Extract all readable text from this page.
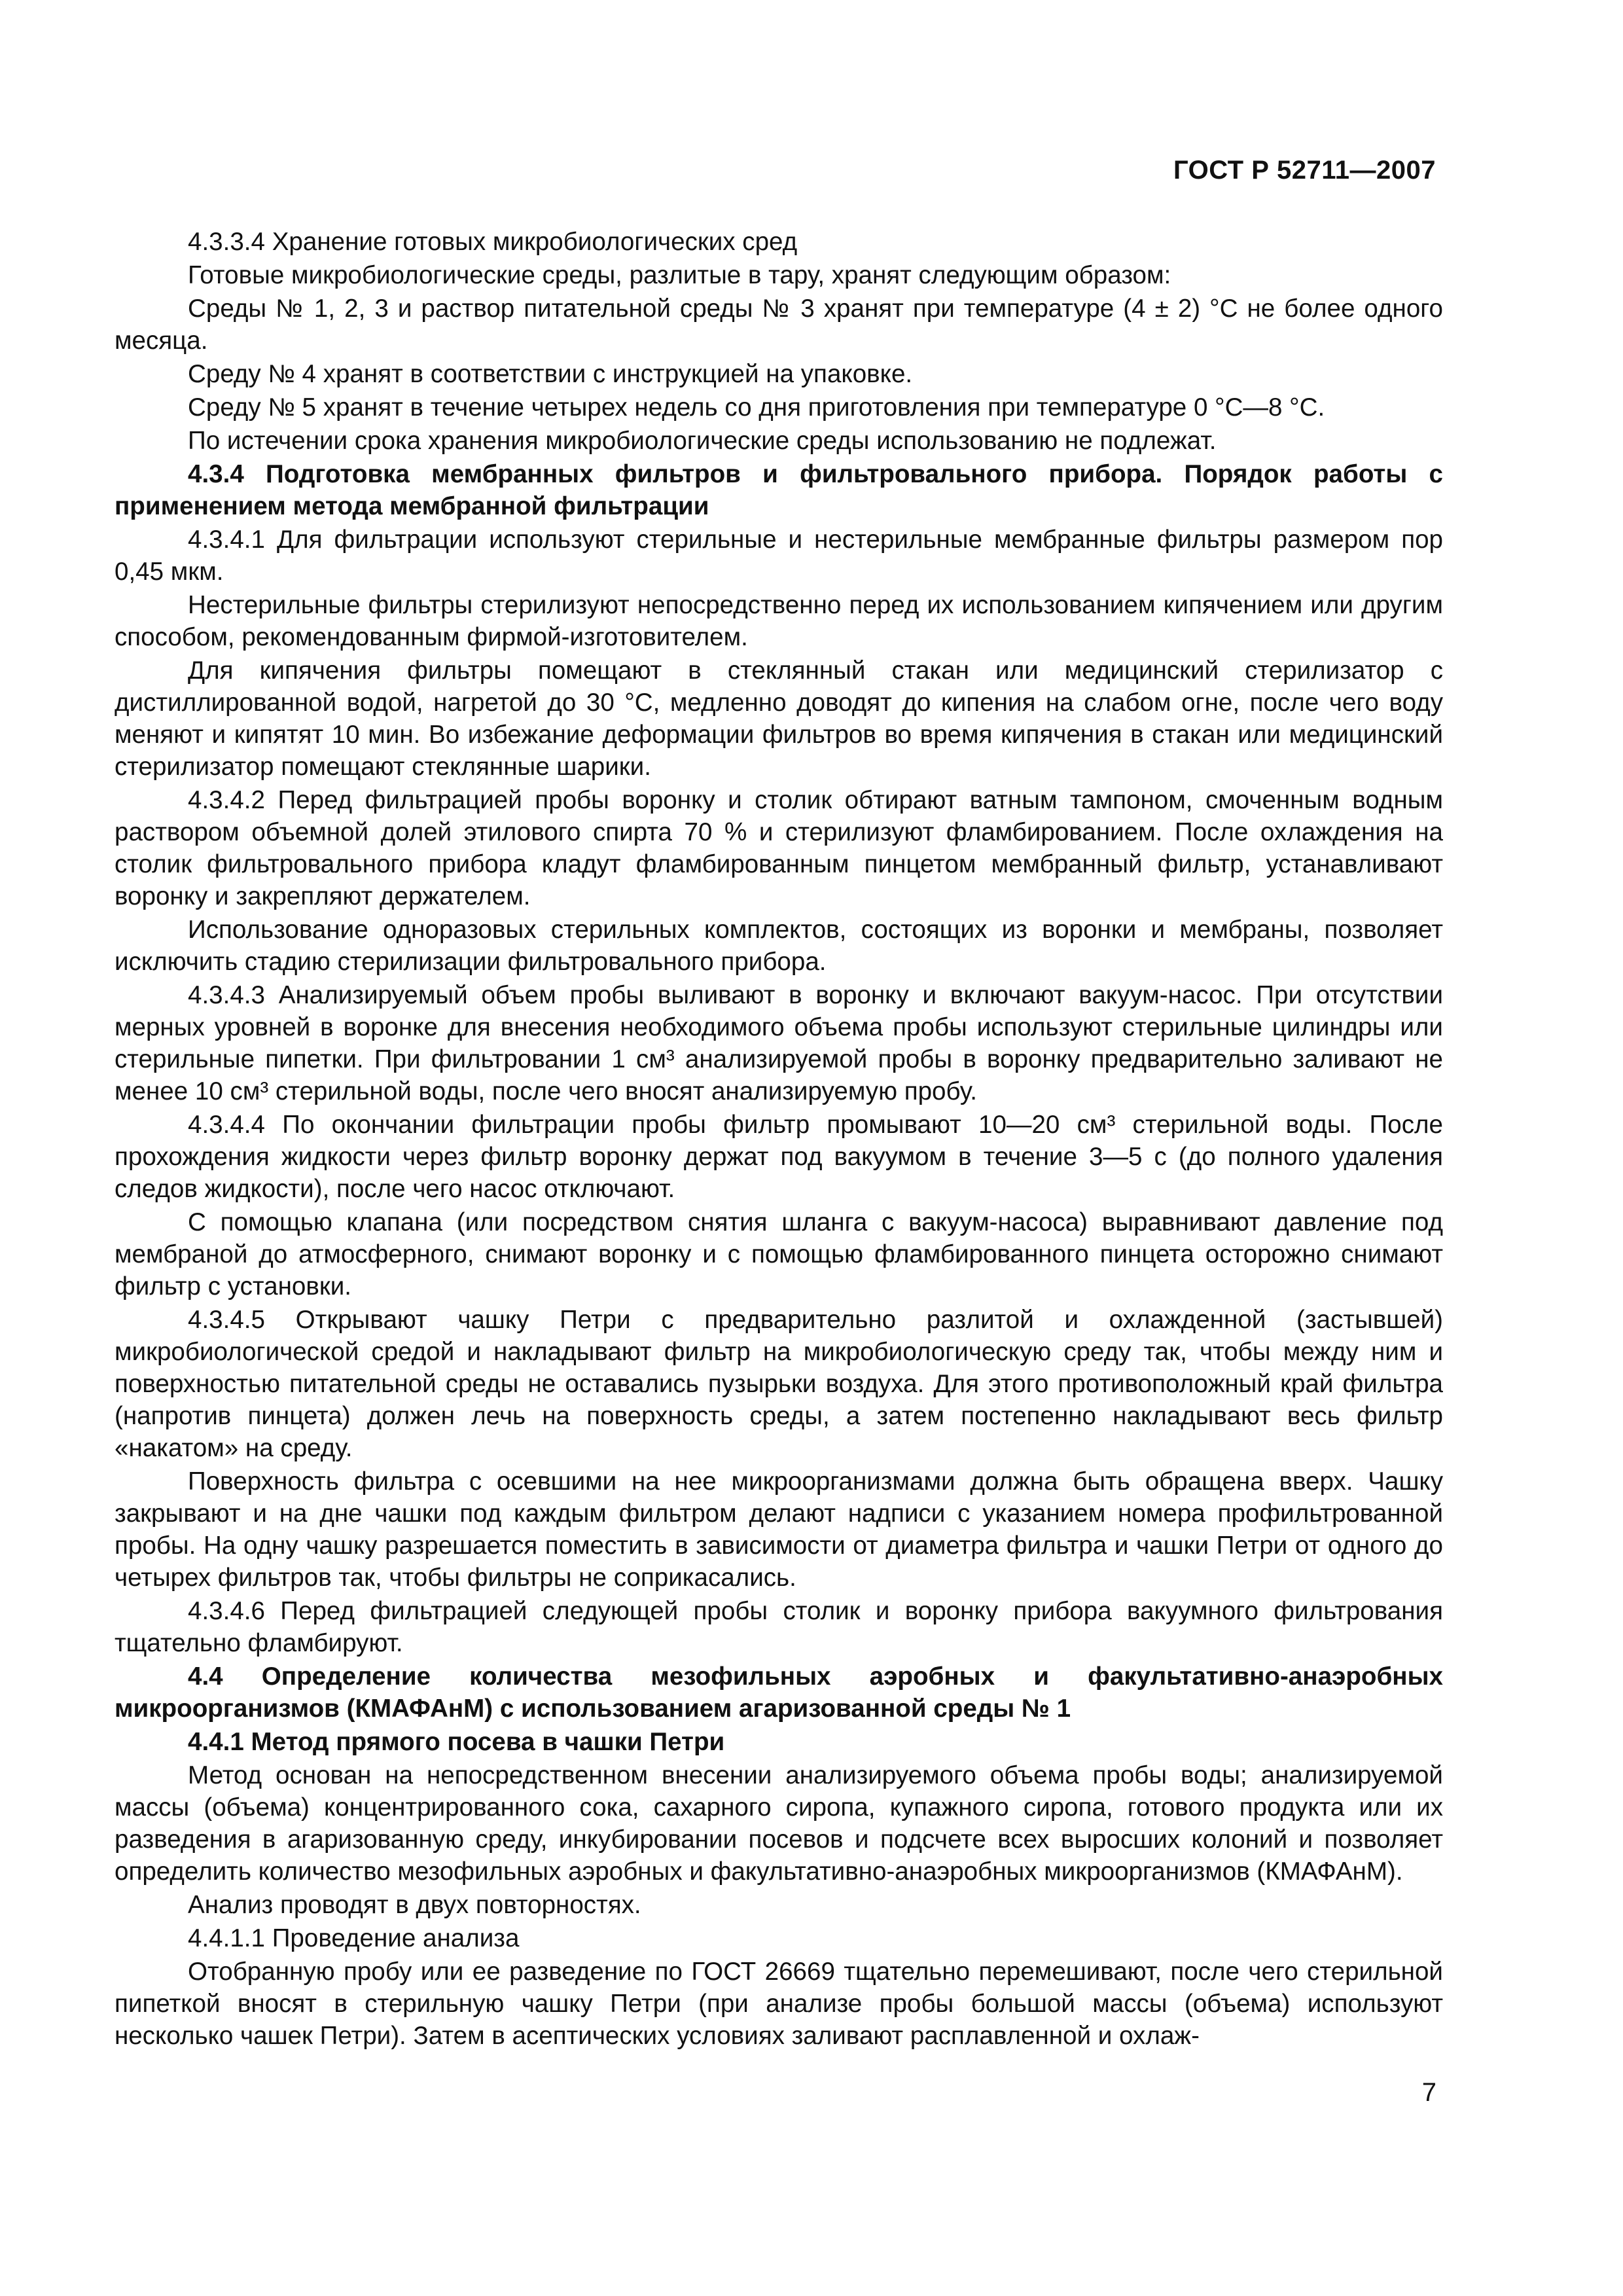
ГОСТ Р 52711—2007

4.3.3.4 Хранение готовых микробиологических сред

Готовые микробиологические среды, разлитые в тару, хранят следующим образом:

Среды № 1, 2, 3 и раствор питательной среды № 3 хранят при температуре (4 ± 2) °С не более одного месяца.

Среду № 4 хранят в соответствии с инструкцией на упаковке.

Среду № 5 хранят в течение четырех недель со дня приготовления при температуре 0 °С—8 °С.

По истечении срока хранения микробиологические среды использованию не подлежат.

4.3.4 Подготовка мембранных фильтров и фильтровального прибора. Порядок работы с применением метода мембранной фильтрации

4.3.4.1 Для фильтрации используют стерильные и нестерильные мембранные фильтры размером пор 0,45 мкм.

Нестерильные фильтры стерилизуют непосредственно перед их использованием кипячением или другим способом, рекомендованным фирмой-изготовителем.

Для кипячения фильтры помещают в стеклянный стакан или медицинский стерилизатор с дистиллированной водой, нагретой до 30 °С, медленно доводят до кипения на слабом огне, после чего воду меняют и кипятят 10 мин. Во избежание деформации фильтров во время кипячения в стакан или медицинский стерилизатор помещают стеклянные шарики.

4.3.4.2 Перед фильтрацией пробы воронку и столик обтирают ватным тампоном, смоченным водным раствором объемной долей этилового спирта 70 % и стерилизуют фламбированием. После охлаждения на столик фильтровального прибора кладут фламбированным пинцетом мембранный фильтр, устанавливают воронку и закрепляют держателем.

Использование одноразовых стерильных комплектов, состоящих из воронки и мембраны, позволяет исключить стадию стерилизации фильтровального прибора.

4.3.4.3 Анализируемый объем пробы выливают в воронку и включают вакуум-насос. При отсутствии мерных уровней в воронке для внесения необходимого объема пробы используют стерильные цилиндры или стерильные пипетки. При фильтровании 1 см³ анализируемой пробы в воронку предварительно заливают не менее 10 см³ стерильной воды, после чего вносят анализируемую пробу.

4.3.4.4 По окончании фильтрации пробы фильтр промывают 10—20 см³ стерильной воды. После прохождения жидкости через фильтр воронку держат под вакуумом в течение 3—5 с (до полного удаления следов жидкости), после чего насос отключают.

С помощью клапана (или посредством снятия шланга с вакуум-насоса) выравнивают давление под мембраной до атмосферного, снимают воронку и с помощью фламбированного пинцета осторожно снимают фильтр с установки.

4.3.4.5 Открывают чашку Петри с предварительно разлитой и охлажденной (застывшей) микробиологической средой и накладывают фильтр на микробиологическую среду так, чтобы между ним и поверхностью питательной среды не оставались пузырьки воздуха. Для этого противоположный край фильтра (напротив пинцета) должен лечь на поверхность среды, а затем постепенно накладывают весь фильтр «накатом» на среду.

Поверхность фильтра с осевшими на нее микроорганизмами должна быть обращена вверх. Чашку закрывают и на дне чашки под каждым фильтром делают надписи с указанием номера профильтрованной пробы. На одну чашку разрешается поместить в зависимости от диаметра фильтра и чашки Петри от одного до четырех фильтров так, чтобы фильтры не соприкасались.

4.3.4.6 Перед фильтрацией следующей пробы столик и воронку прибора вакуумного фильтрования тщательно фламбируют.

4.4 Определение количества мезофильных аэробных и факультативно-анаэробных микроорганизмов (КМАФАнМ) с использованием агаризованной среды № 1

4.4.1 Метод прямого посева в чашки Петри

Метод основан на непосредственном внесении анализируемого объема пробы воды; анализируемой массы (объема) концентрированного сока, сахарного сиропа, купажного сиропа, готового продукта или их разведения в агаризованную среду, инкубировании посевов и подсчете всех выросших колоний и позволяет определить количество мезофильных аэробных и факультативно-анаэробных микроорганизмов (КМАФАнМ).

Анализ проводят в двух повторностях.

4.4.1.1 Проведение анализа

Отобранную пробу или ее разведение по ГОСТ 26669 тщательно перемешивают, после чего стерильной пипеткой вносят в стерильную чашку Петри (при анализе пробы большой массы (объема) используют несколько чашек Петри). Затем в асептических условиях заливают расплавленной и охлаж-

7
